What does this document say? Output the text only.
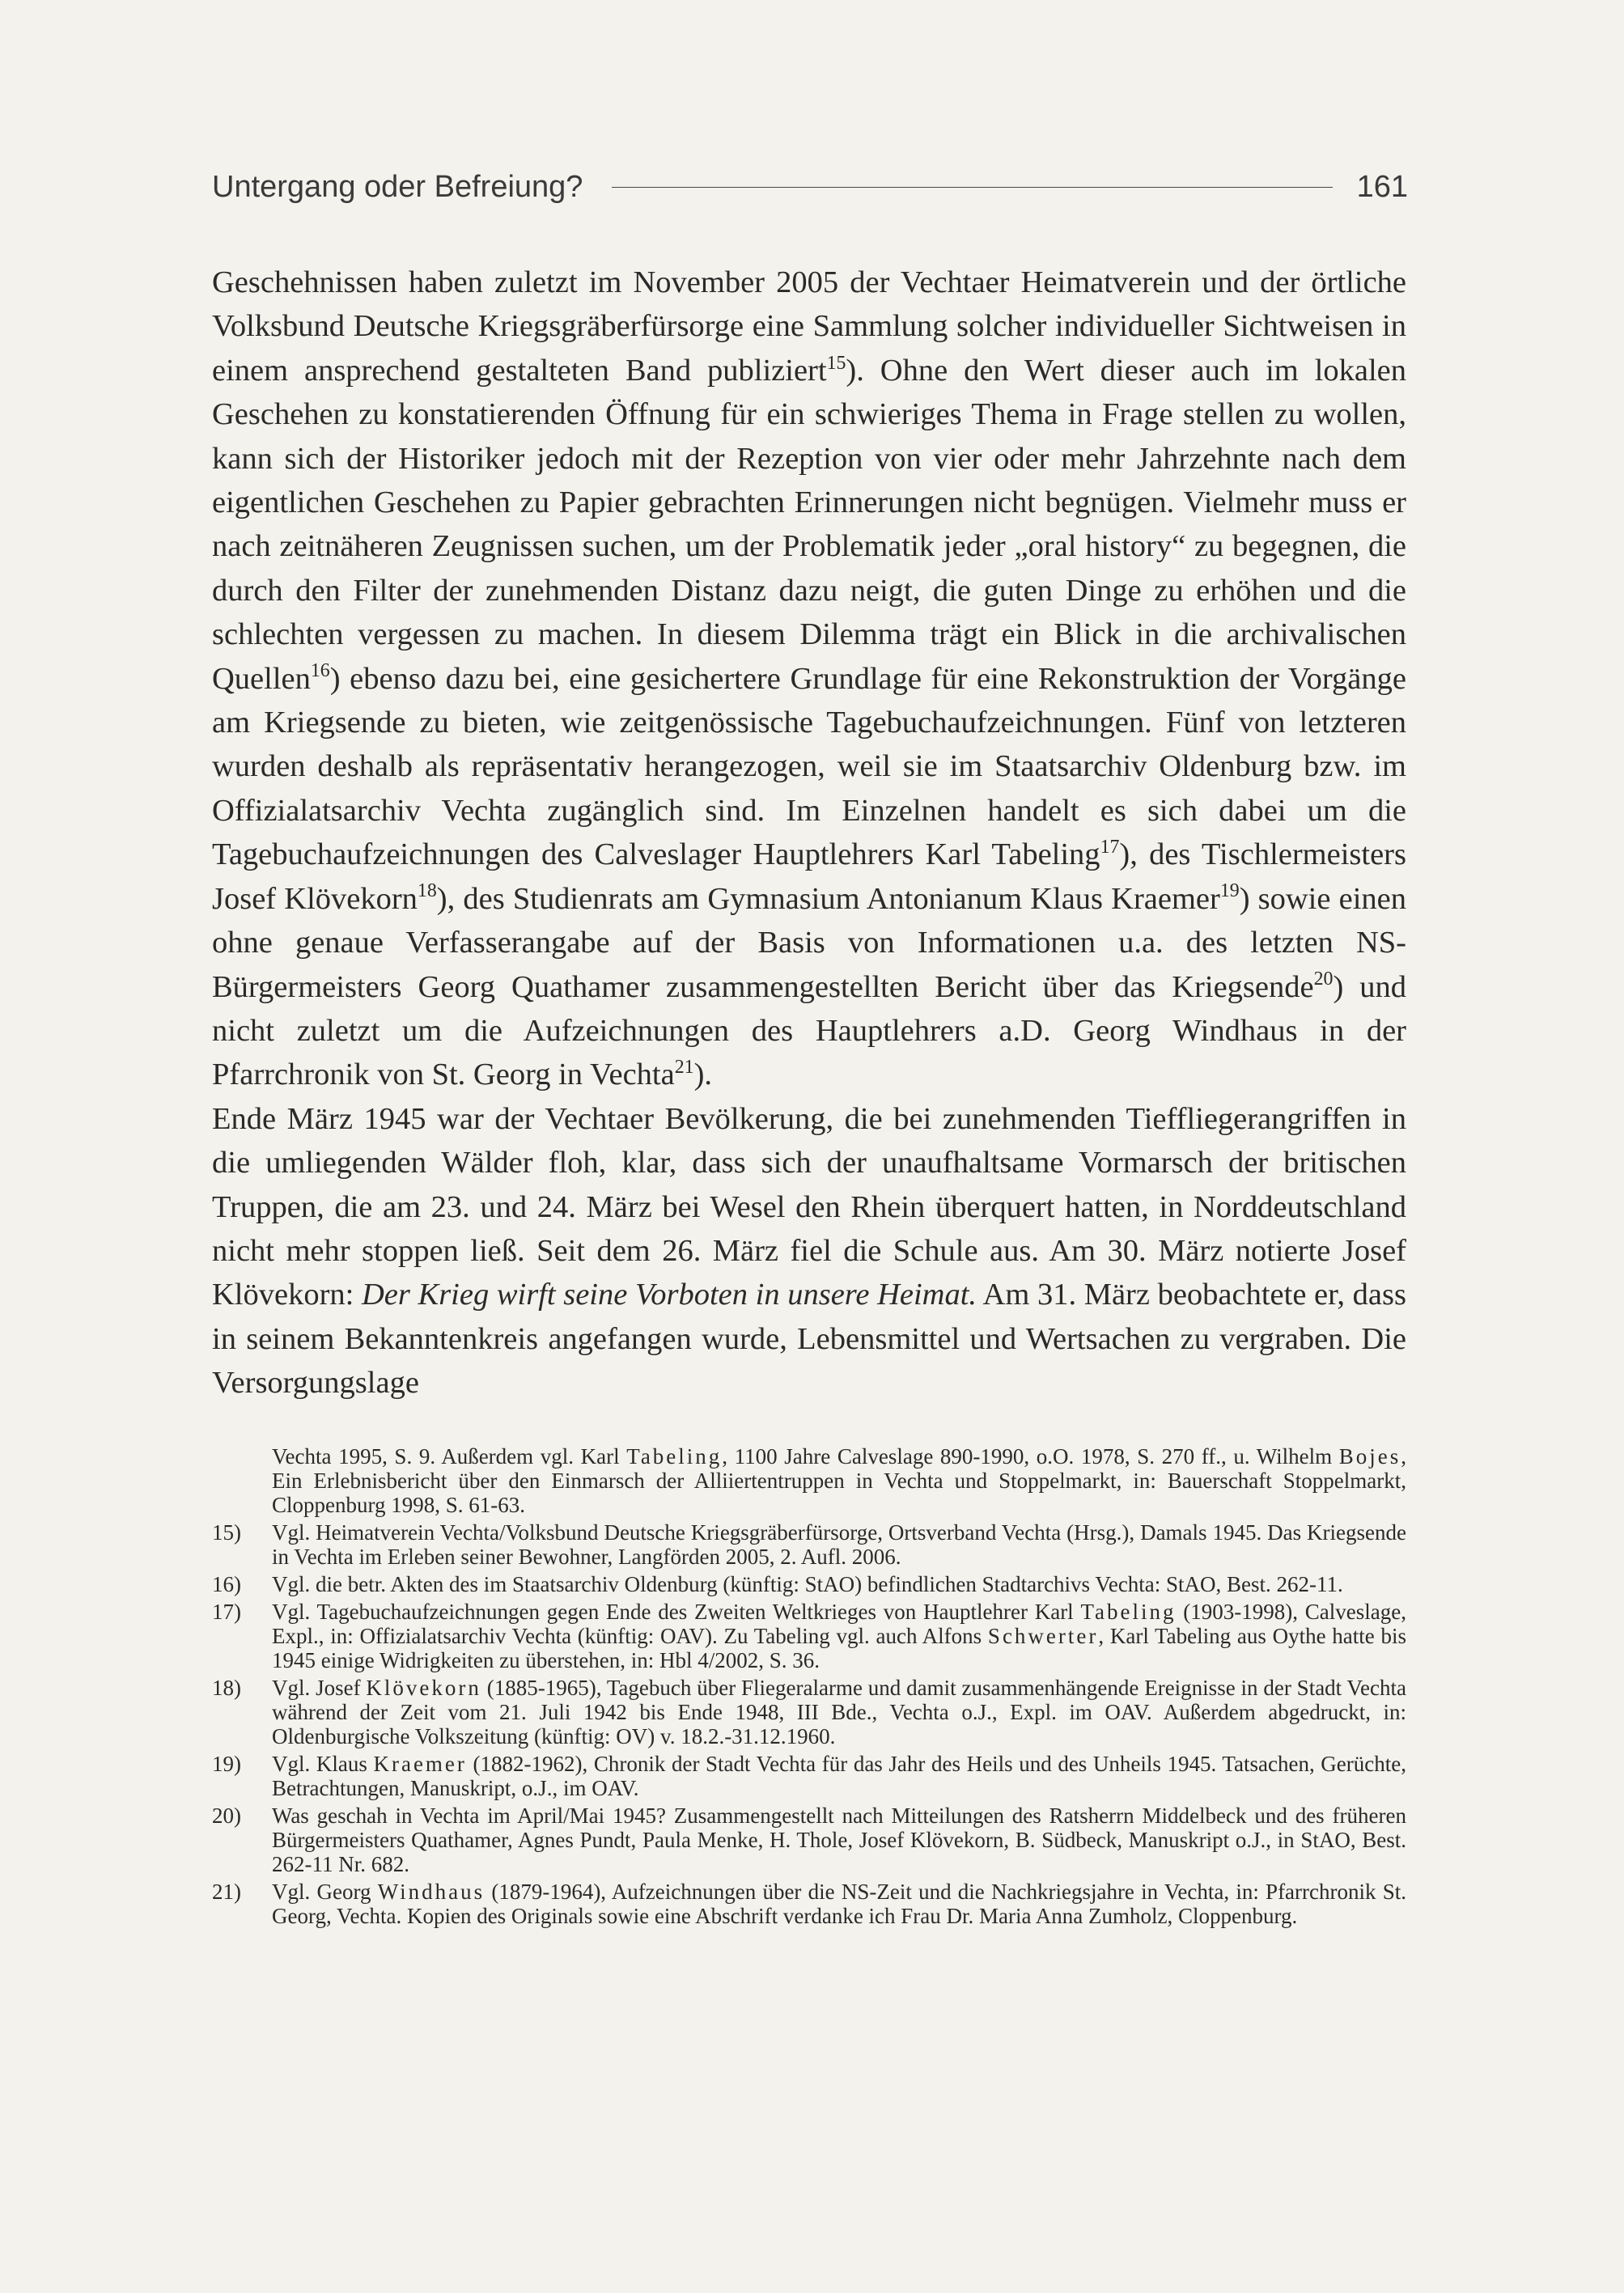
Untergang oder Befreiung?	161

Geschehnissen haben zuletzt im November 2005 der Vechtaer Heimatverein und der örtliche Volksbund Deutsche Kriegsgräberfürsorge eine Sammlung solcher individueller Sichtweisen in einem ansprechend gestalteten Band publiziert$^{15}$). Ohne den Wert dieser auch im lokalen Geschehen zu konstatierenden Öffnung für ein schwieriges Thema in Frage stellen zu wollen, kann sich der Historiker jedoch mit der Rezeption von vier oder mehr Jahrzehnte nach dem eigentlichen Geschehen zu Papier gebrachten Erinnerungen nicht begnügen. Vielmehr muss er nach zeitnäheren Zeugnissen suchen, um der Problematik jeder „oral history“ zu begegnen, die durch den Filter der zunehmenden Distanz dazu neigt, die guten Dinge zu erhöhen und die schlechten vergessen zu machen. In diesem Dilemma trägt ein Blick in die archivalischen Quellen$^{16}$) ebenso dazu bei, eine gesichertere Grundlage für eine Rekonstruktion der Vorgänge am Kriegsende zu bieten, wie zeitgenössische Tagebuchaufzeichnungen. Fünf von letzteren wurden deshalb als repräsentativ herangezogen, weil sie im Staatsarchiv Oldenburg bzw. im Offizialatsarchiv Vechta zugänglich sind. Im Einzelnen handelt es sich dabei um die Tagebuchaufzeichnungen des Calveslager Hauptlehrers Karl Tabeling$^{17}$), des Tischlermeisters Josef Klövekorn$^{18}$), des Studienrats am Gymnasium Antonianum Klaus Kraemer$^{19}$) sowie einen ohne genaue Verfasserangabe auf der Basis von Informationen u.a. des letzten NS-Bürgermeisters Georg Quathamer zusammengestellten Bericht über das Kriegsende$^{20}$) und nicht zuletzt um die Aufzeichnungen des Hauptlehrers a.D. Georg Windhaus in der Pfarrchronik von St. Georg in Vechta$^{21}$).

Ende März 1945 war der Vechtaer Bevölkerung, die bei zunehmenden Tieffliegerangriffen in die umliegenden Wälder floh, klar, dass sich der unaufhaltsame Vormarsch der britischen Truppen, die am 23. und 24. März bei Wesel den Rhein überquert hatten, in Norddeutschland nicht mehr stoppen ließ. Seit dem 26. März fiel die Schule aus. Am 30. März notierte Josef Klövekorn: Der Krieg wirft seine Vorboten in unsere Heimat. Am 31. März beobachtete er, dass in seinem Bekanntenkreis angefangen wurde, Lebensmittel und Wertsachen zu vergraben. Die Versorgungslage

Vechta 1995, S. 9. Außerdem vgl. Karl Tabeling, 1100 Jahre Calveslage 890-1990, o.O. 1978, S. 270 ff., u. Wilhelm Bojes, Ein Erlebnisbericht über den Einmarsch der Alliiertentruppen in Vechta und Stoppelmarkt, in: Bauerschaft Stoppelmarkt, Cloppenburg 1998, S. 61-63.
15)	Vgl. Heimatverein Vechta/Volksbund Deutsche Kriegsgräberfürsorge, Ortsverband Vechta (Hrsg.), Damals 1945. Das Kriegsende in Vechta im Erleben seiner Bewohner, Langförden 2005, 2. Aufl. 2006.
16)	Vgl. die betr. Akten des im Staatsarchiv Oldenburg (künftig: StAO) befindlichen Stadtarchivs Vechta: StAO, Best. 262-11.
17)	Vgl. Tagebuchaufzeichnungen gegen Ende des Zweiten Weltkrieges von Hauptlehrer Karl Tabeling (1903-1998), Calveslage, Expl., in: Offizialatsarchiv Vechta (künftig: OAV). Zu Tabeling vgl. auch Alfons Schwerter, Karl Tabeling aus Oythe hatte bis 1945 einige Widrigkeiten zu überstehen, in: Hbl 4/2002, S. 36.
18)	Vgl. Josef Klövekorn (1885-1965), Tagebuch über Fliegeralarme und damit zusammenhängende Ereignisse in der Stadt Vechta während der Zeit vom 21. Juli 1942 bis Ende 1948, III Bde., Vechta o.J., Expl. im OAV. Außerdem abgedruckt, in: Oldenburgische Volkszeitung (künftig: OV) v. 18.2.-31.12.1960.
19)	Vgl. Klaus Kraemer (1882-1962), Chronik der Stadt Vechta für das Jahr des Heils und des Unheils 1945. Tatsachen, Gerüchte, Betrachtungen, Manuskript, o.J., im OAV.
20)	Was geschah in Vechta im April/Mai 1945? Zusammengestellt nach Mitteilungen des Ratsherrn Middelbeck und des früheren Bürgermeisters Quathamer, Agnes Pundt, Paula Menke, H. Thole, Josef Klövekorn, B. Südbeck, Manuskript o.J., in StAO, Best. 262-11 Nr. 682.
21)	Vgl. Georg Windhaus (1879-1964), Aufzeichnungen über die NS-Zeit und die Nachkriegsjahre in Vechta, in: Pfarrchronik St. Georg, Vechta. Kopien des Originals sowie eine Abschrift verdanke ich Frau Dr. Maria Anna Zumholz, Cloppenburg.
